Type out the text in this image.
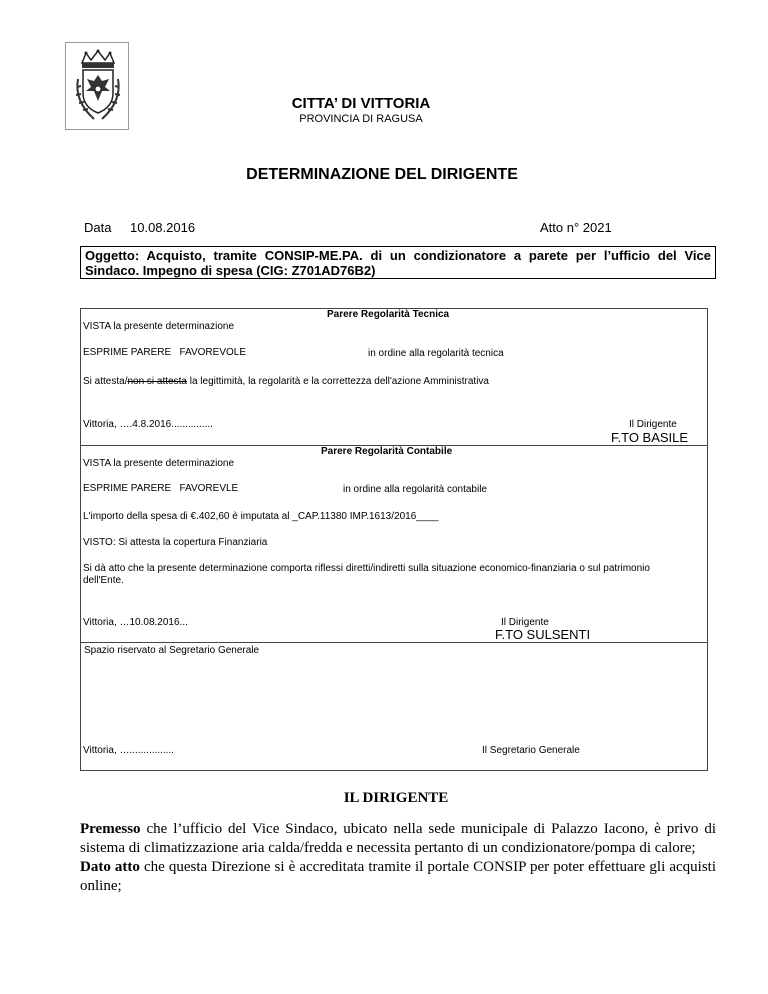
CITTA’ DI VITTORIA
PROVINCIA DI RAGUSA
DETERMINAZIONE DEL DIRIGENTE
Data 10.08.2016	Atto n° 2021
Oggetto: Acquisto, tramite CONSIP-ME.PA. di un condizionatore a parete per l’ufficio del Vice Sindaco. Impegno di spesa (CIG: Z701AD76B2)
Parere Regolarità Tecnica
VISTA la presente determinazione
ESPRIME PARERE   FAVOREVOLE	in ordine alla regolarità tecnica
Si attesta/non si attesta la legittimità, la regolarità e la correttezza dell'azione Amministrativa
Vittoria, ….4.8.2016...............	Il Dirigente
F.TO BASILE
Parere Regolarità Contabile
VISTA la presente determinazione
ESPRIME PARERE   FAVOREVLE	in ordine alla regolarità contabile
L'importo della spesa di €.402,60 è imputata al _CAP.11380 IMP.1613/2016____
VISTO: Si attesta la copertura Finanziaria
Si dà atto che la presente determinazione comporta riflessi diretti/indiretti sulla situazione economico-finanziaria o sul patrimonio dell'Ente.
Vittoria, …10.08.2016...	Il Dirigente
F.TO SULSENTI
Spazio riservato al Segretario Generale
Vittoria, …................	Il Segretario Generale
IL DIRIGENTE

Premesso che l’ufficio del Vice Sindaco, ubicato nella sede municipale di Palazzo Iacono, è privo di sistema di climatizzazione aria calda/fredda e necessita pertanto di un condizionatore/pompa di calore;

Dato atto che questa Direzione si è accreditata tramite il portale CONSIP per poter effettuare gli acquisti online;
